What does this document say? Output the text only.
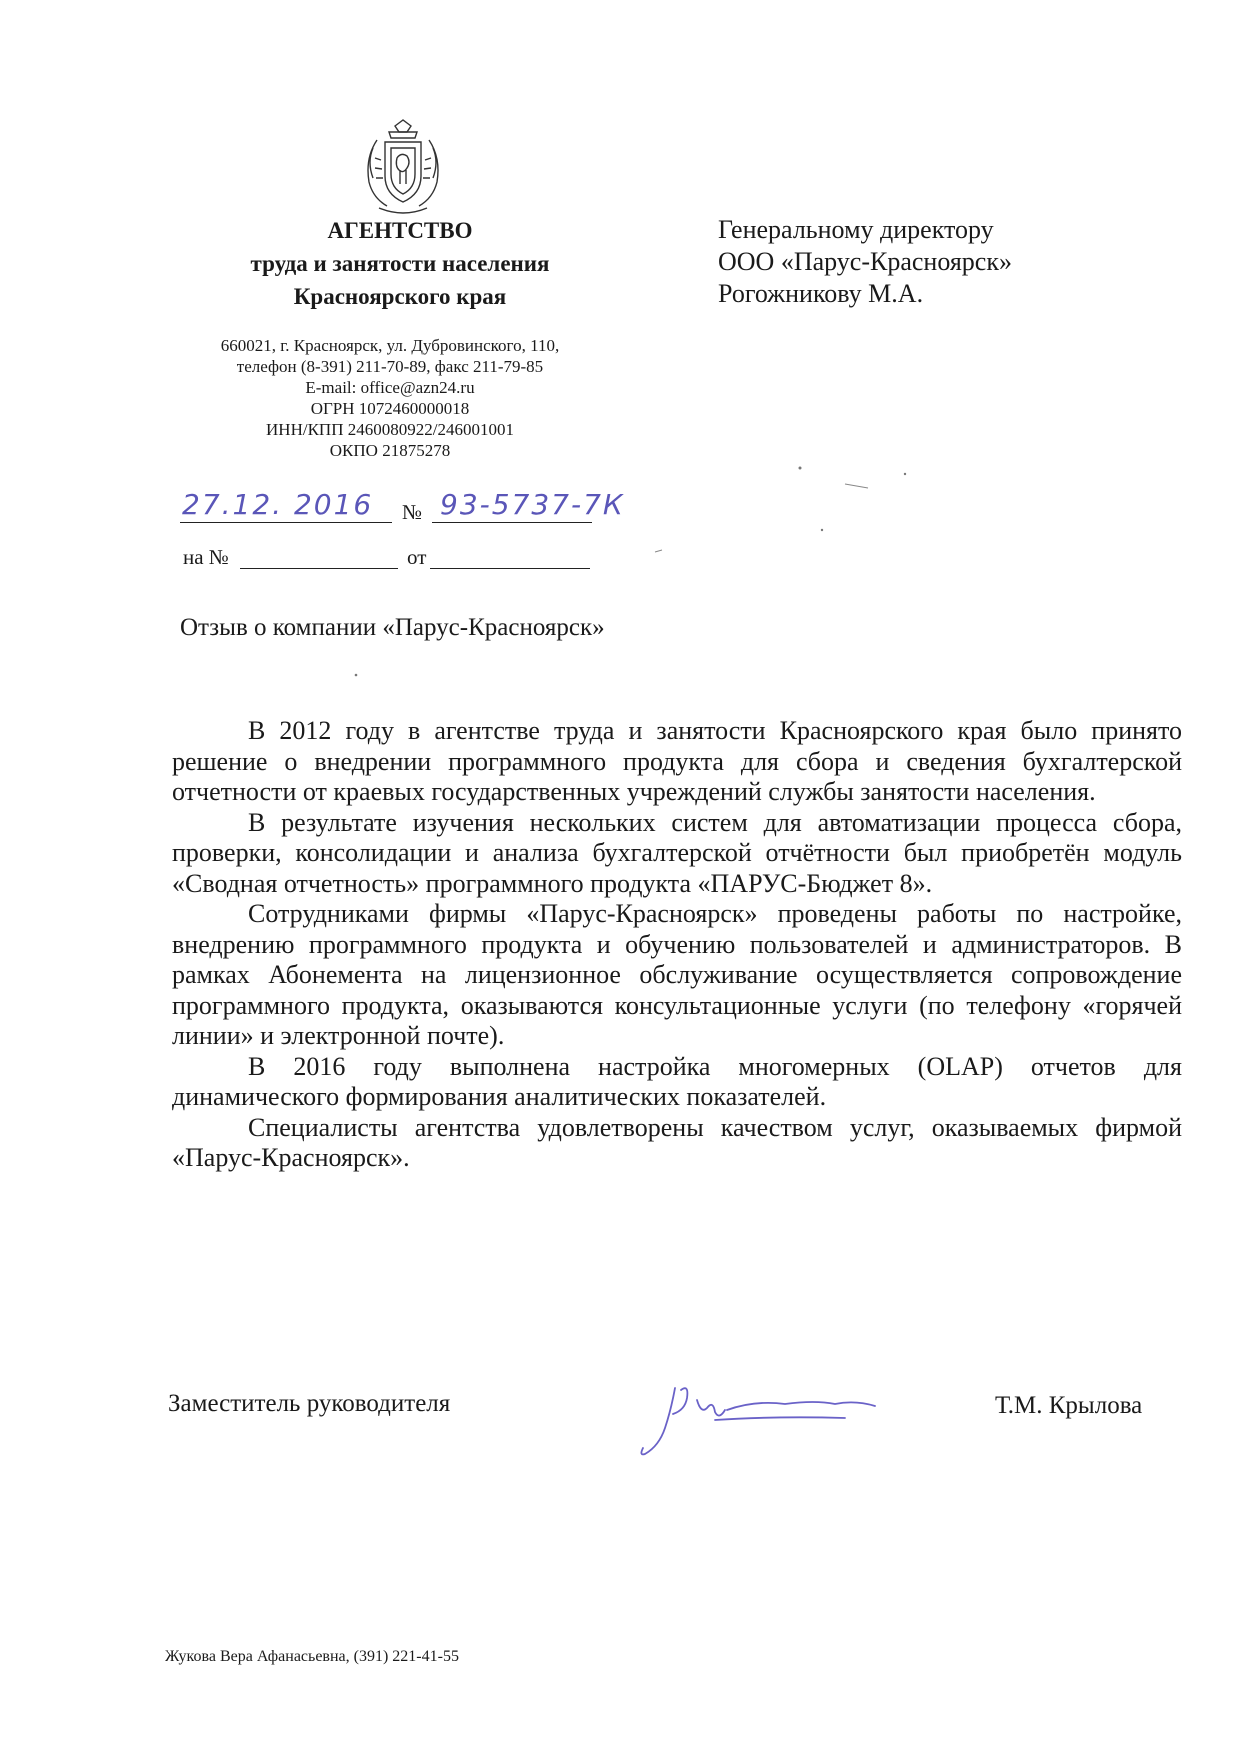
АГЕНТСТВО
труда и занятости населения
Красноярского края
660021, г. Красноярск, ул. Дубровинского, 110,
телефон (8-391) 211-70-89, факс 211-79-85
E-mail: office@azn24.ru
ОГРН 1072460000018
ИНН/КПП 2460080922/246001001
ОКПО 21875278
Генеральному директору
ООО «Парус-Красноярск»
Рогожникову М.А.
27.12. 2016 № 93-5737-7К
на №	от
Отзыв о компании «Парус-Красноярск»

В 2012 году в агентстве труда и занятости Красноярского края было принято решение о внедрении программного продукта для сбора и сведения бухгалтерской отчетности от краевых государственных учреждений службы занятости населения.

В результате изучения нескольких систем для автоматизации процесса сбора, проверки, консолидации и анализа бухгалтерской отчётности был приобретён модуль «Сводная отчетность» программного продукта «ПАРУС-Бюджет 8».

Сотрудниками фирмы «Парус-Красноярск» проведены работы по настройке, внедрению программного продукта и обучению пользователей и администраторов. В рамках Абонемента на лицензионное обслуживание осуществляется сопровождение программного продукта, оказываются консультационные услуги (по телефону «горячей линии» и электронной почте).

В 2016 году выполнена настройка многомерных (OLAP) отчетов для динамического формирования аналитических показателей.

Специалисты агентства удовлетворены качеством услуг, оказываемых фирмой «Парус-Красноярск».

Заместитель руководителя	Т.М. Крылова
Жукова Вера Афанасьевна, (391) 221-41-55
